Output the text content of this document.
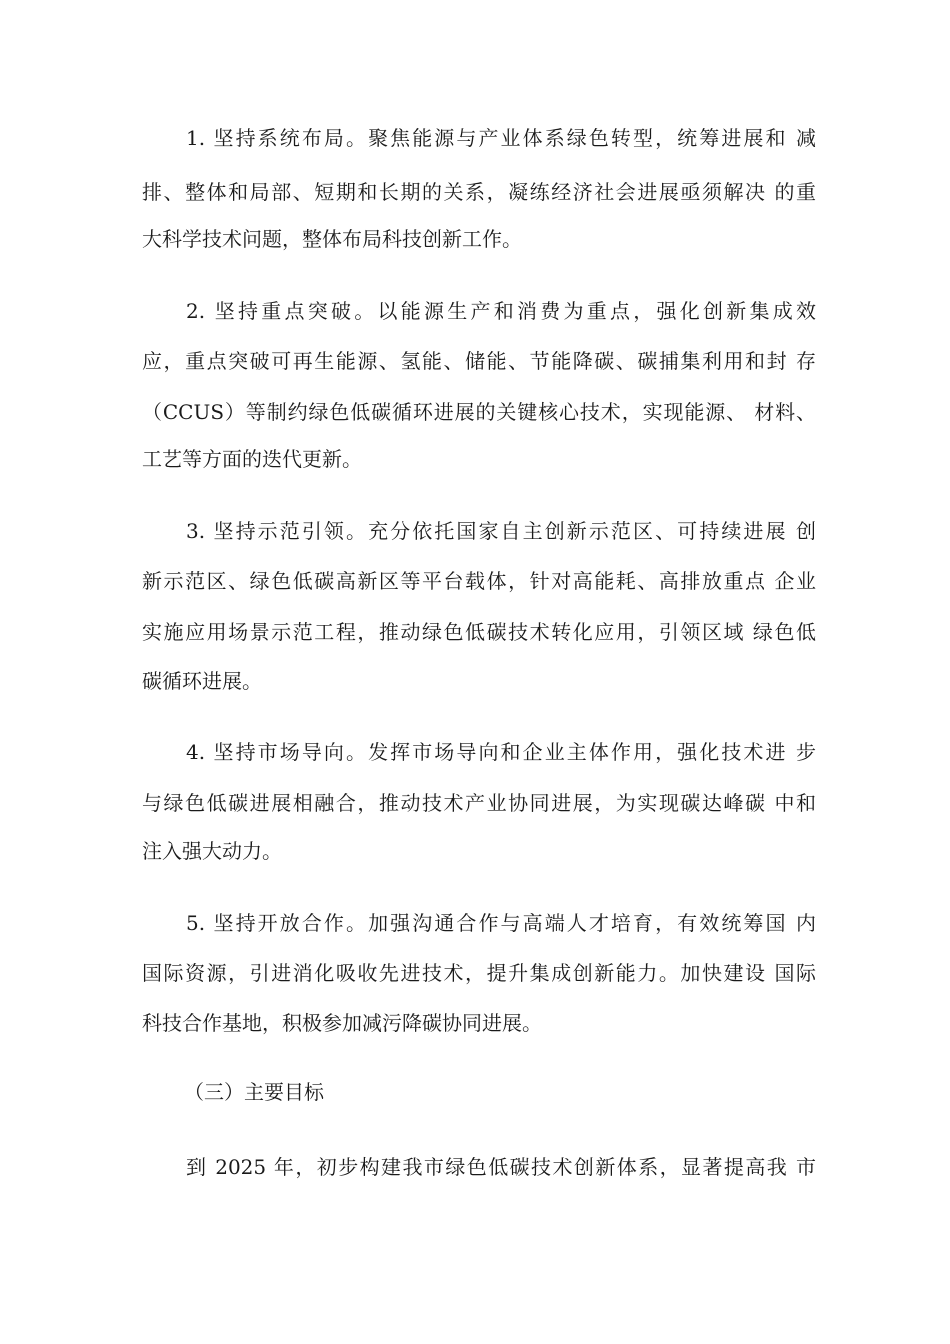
1. 坚持系统布局。聚焦能源与产业体系绿色转型，统筹进展和 减
排、整体和局部、短期和长期的关系，凝练经济社会进展亟须解决 的重
大科学技术问题，整体布局科技创新工作。
2. 坚持重点突破。以能源生产和消费为重点，强化创新集成效
应，重点突破可再生能源、氢能、储能、节能降碳、碳捕集利用和封 存
（CCUS）等制约绿色低碳循环进展的关键核心技术，实现能源、 材料、
工艺等方面的迭代更新。
3. 坚持示范引领。充分依托国家自主创新示范区、可持续进展 创
新示范区、绿色低碳高新区等平台载体，针对高能耗、高排放重点 企业
实施应用场景示范工程，推动绿色低碳技术转化应用，引领区域 绿色低
碳循环进展。
4. 坚持市场导向。发挥市场导向和企业主体作用，强化技术进 步
与绿色低碳进展相融合，推动技术产业协同进展，为实现碳达峰碳 中和
注入强大动力。
5. 坚持开放合作。加强沟通合作与高端人才培育，有效统筹国 内
国际资源，引进消化吸收先进技术，提升集成创新能力。加快建设 国际
科技合作基地，积极参加减污降碳协同进展。
（三）主要目标
到 2025 年，初步构建我市绿色低碳技术创新体系，显著提高我 市
